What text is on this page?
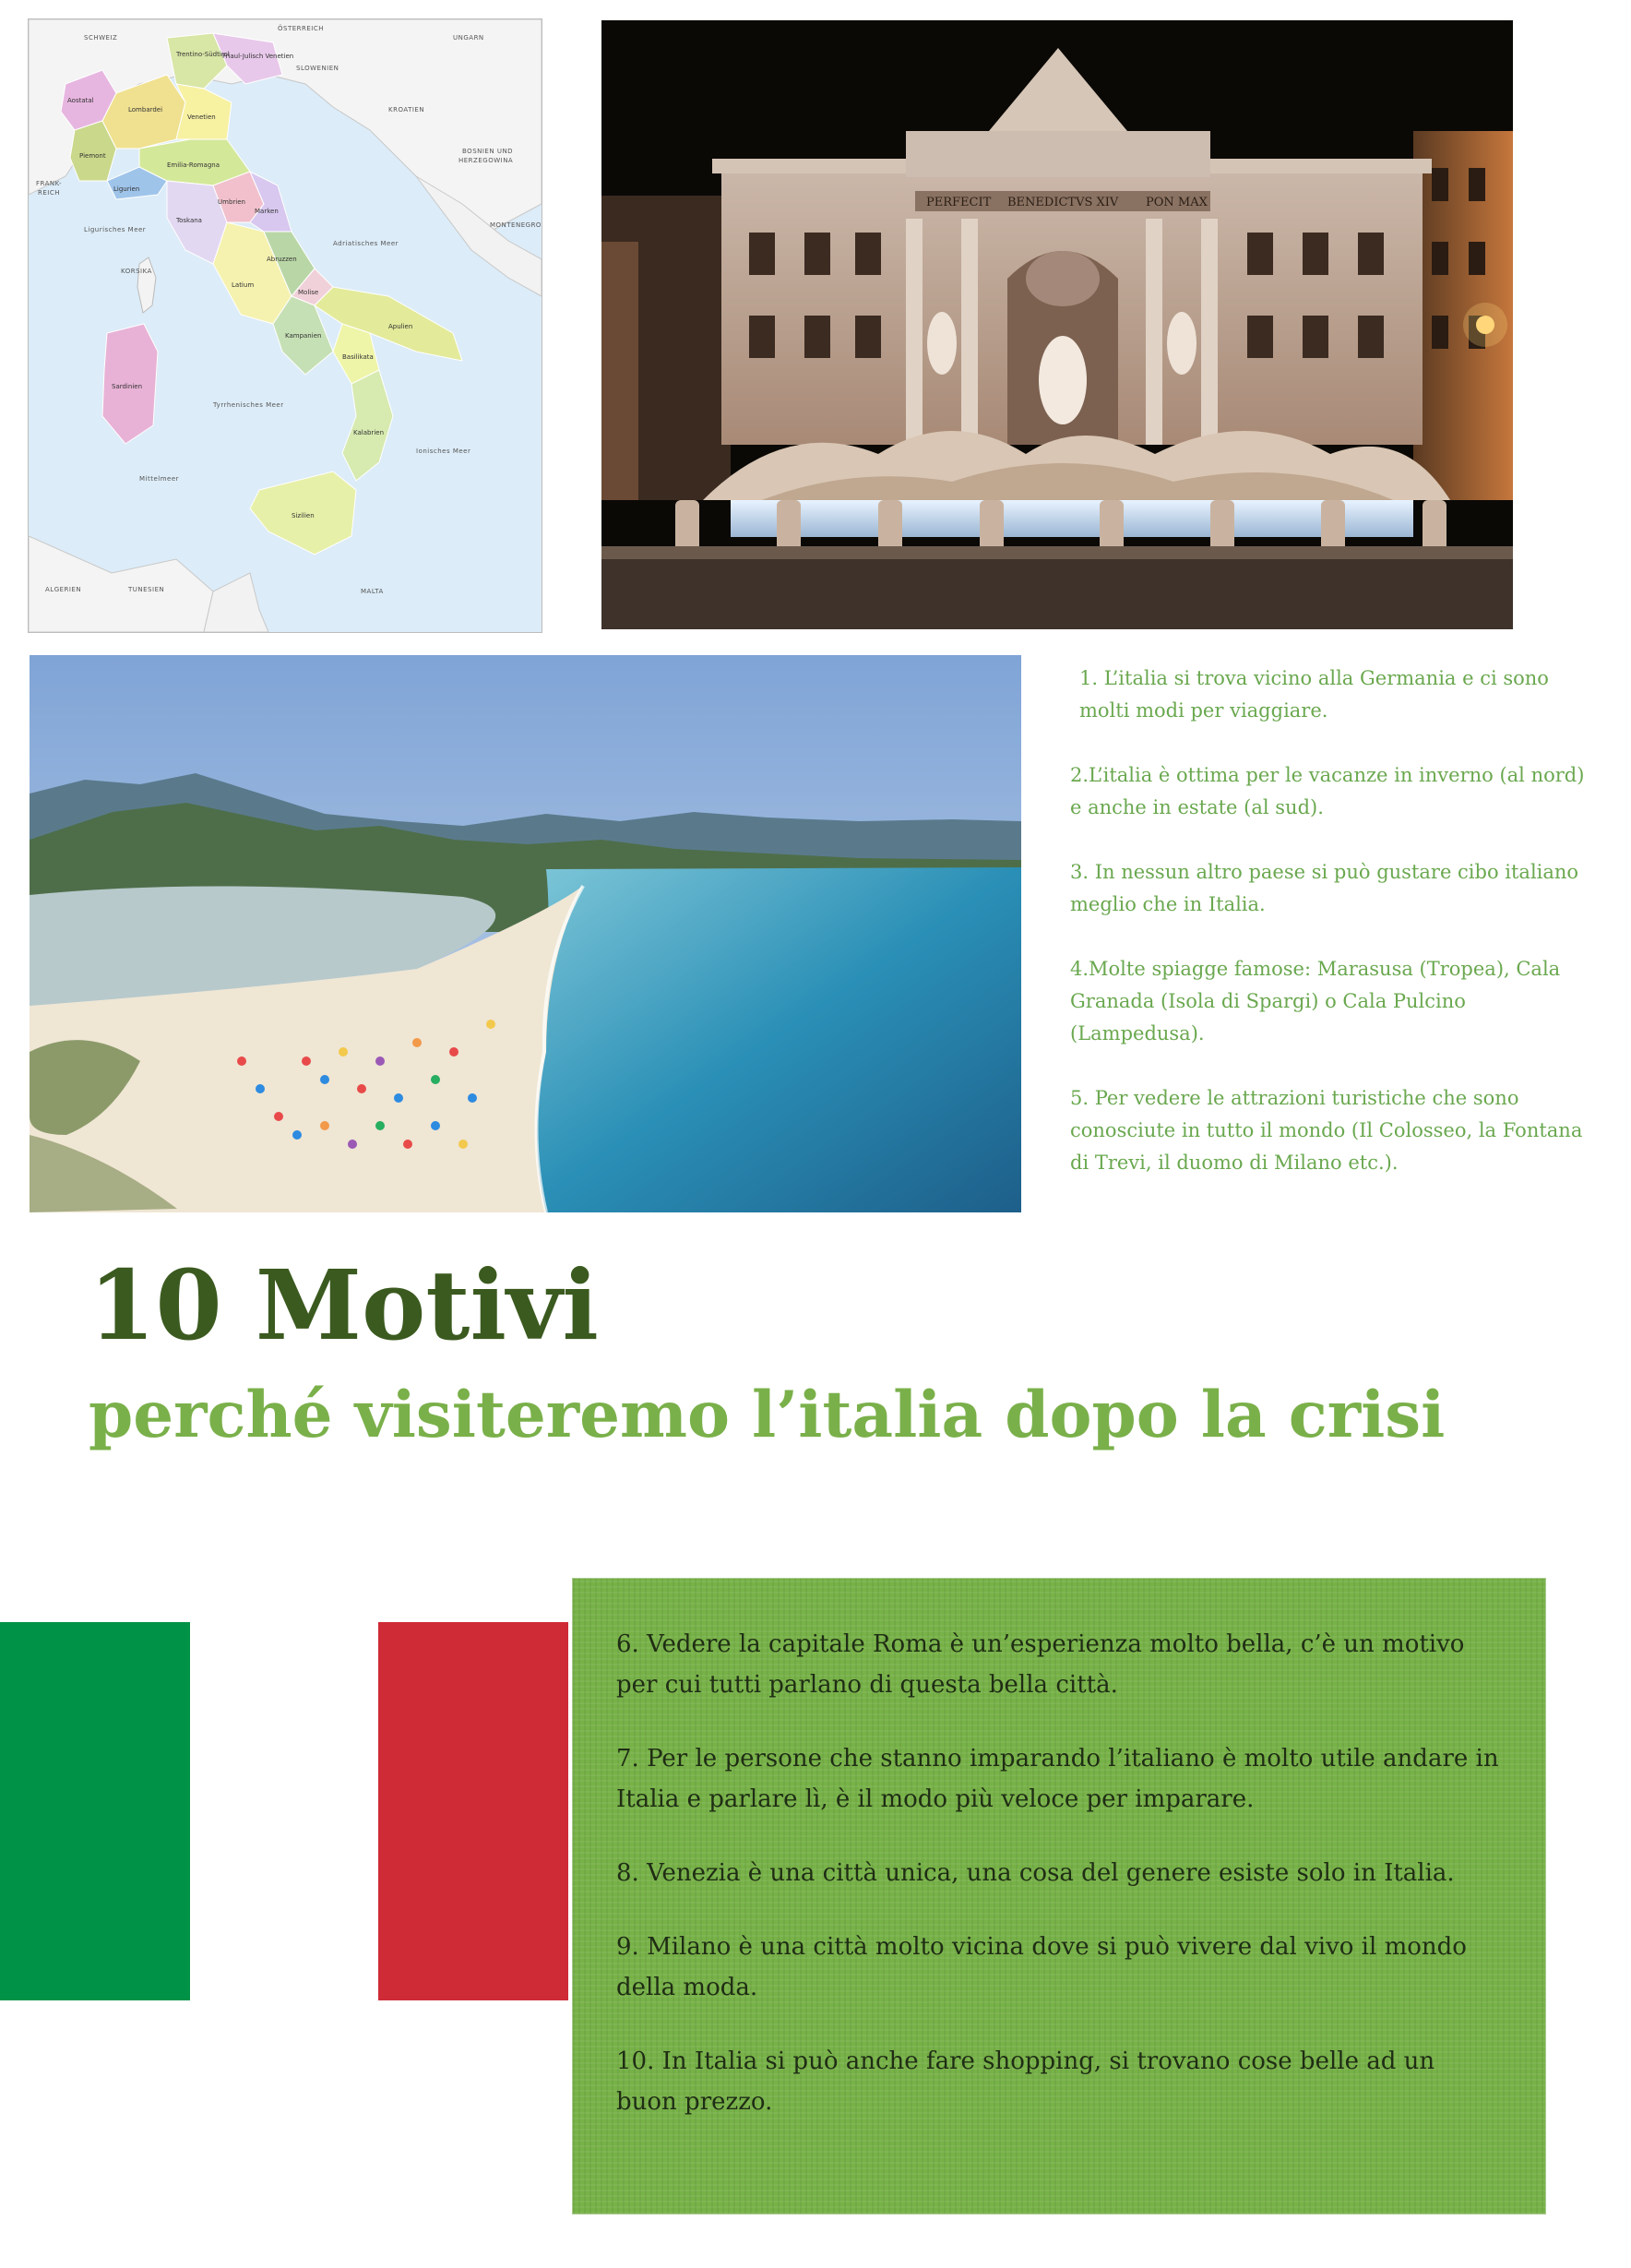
Ligurisches Meer
Adriatisches Meer
Tyrrhenisches Meer
Ionisches Meer
Mittelmeer
SCHWEIZ
ÖSTERREICH
UNGARN
SLOWENIEN
KROATIEN
BOSNIEN UND
HERZEGOWINA
MONTENEGRO
FRANK-
REICH
KORSIKA
ALGERIEN	TUNESIEN	MALTA
Aostatal
Piemont
Lombardei
Trentino-Südtirol
Venetien
Friaul-Julisch Venetien
Ligurien
Emilia-Romagna
Toskana
Umbrien
Marken
Latium
Abruzzen
Molise
Kampanien
Apulien
Basilikata
Kalabrien
Sizilien
Sardinien
PERFECIT BENEDICTVS XIV PON MAX

1. L’italia si trova vicino alla Germania e ci sono molti modi per viaggiare.

2.L’italia è ottima per le vacanze in inverno (al nord) e anche in estate (al sud).

3. In nessun altro paese si può gustare cibo italiano meglio che in Italia.

4.Molte spiagge famose: Marasusa (Tropea), Cala Granada (Isola di Spargi) o Cala Pulcino (Lampedusa).

5. Per vedere le attrazioni turistiche che sono conosciute in tutto il mondo (Il Colosseo, la Fontana di Trevi, il duomo di Milano etc.).

10 Motivi
perché visiteremo l’italia dopo la crisi

6. Vedere la capitale Roma è un’esperienza molto bella, c’è un motivo per cui tutti parlano di questa bella città.

7. Per le persone che stanno imparando l’italiano è molto utile andare in Italia e parlare lì, è il modo più veloce per imparare.

8. Venezia è una città unica, una cosa del genere esiste solo in Italia.

9. Milano è una città molto vicina dove si può vivere dal vivo il mondo della moda.

10. In Italia si può anche fare shopping, si trovano cose belle ad un buon prezzo.
